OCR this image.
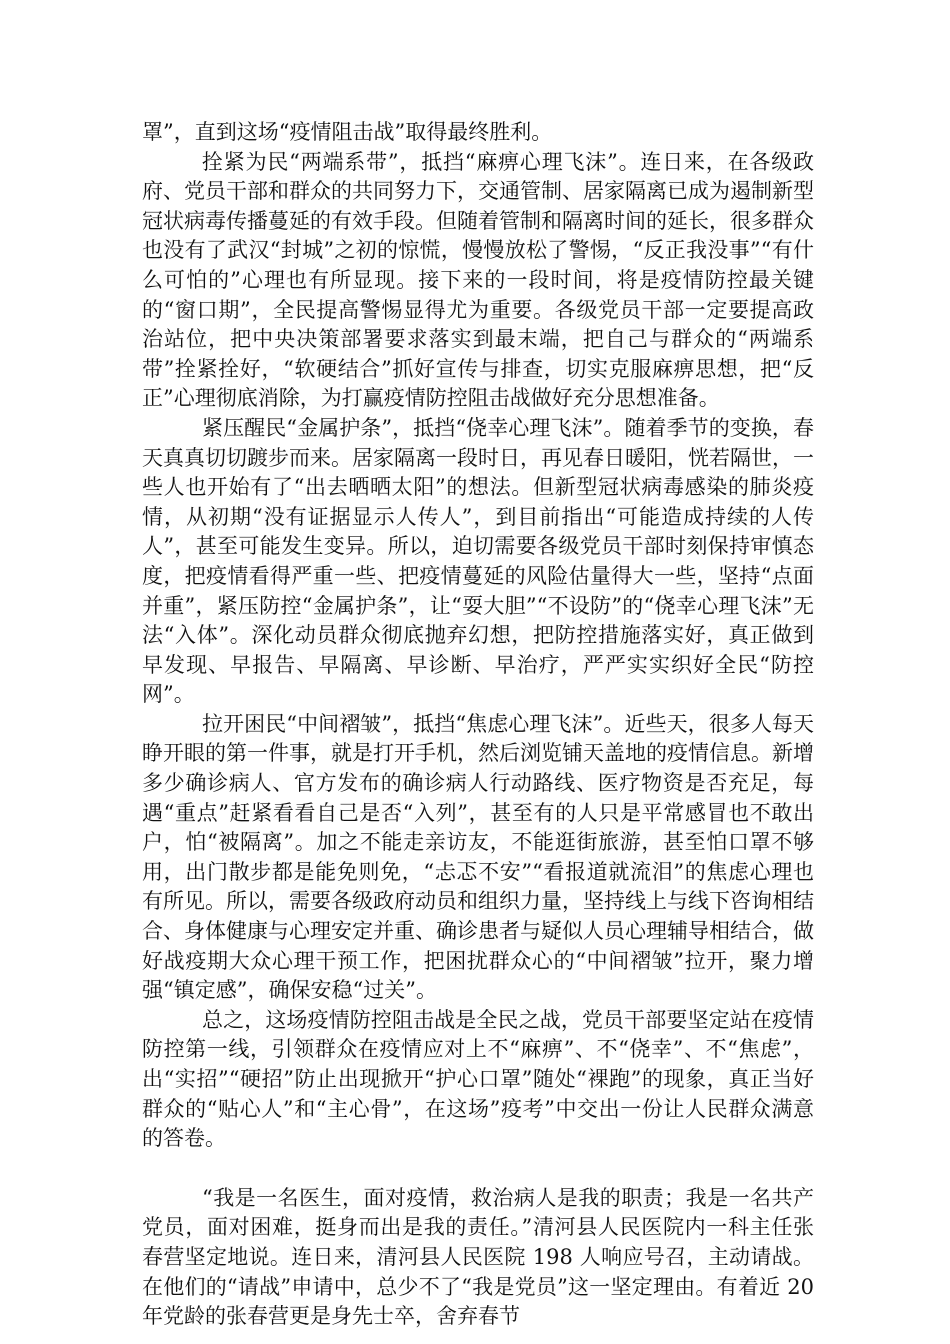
罩”，直到这场“疫情阻击战”取得最终胜利。

拴紧为民“两端系带”，抵挡“麻痹心理飞沫”。连日来，在各级政府、党员干部和群众的共同努力下，交通管制、居家隔离已成为遏制新型冠状病毒传播蔓延的有效手段。但随着管制和隔离时间的延长，很多群众也没有了武汉“封城”之初的惊慌，慢慢放松了警惕，“反正我没事”“有什么可怕的”心理也有所显现。接下来的一段时间，将是疫情防控最关键的“窗口期”，全民提高警惕显得尤为重要。各级党员干部一定要提高政治站位，把中央决策部署要求落实到最末端，把自己与群众的“两端系带”拴紧拴好，“软硬结合”抓好宣传与排查，切实克服麻痹思想，把“反正”心理彻底消除，为打赢疫情防控阻击战做好充分思想准备。

紧压醒民“金属护条”，抵挡“侥幸心理飞沫”。随着季节的变换，春天真真切切踱步而来。居家隔离一段时日，再见春日暖阳，恍若隔世，一些人也开始有了“出去晒晒太阳”的想法。但新型冠状病毒感染的肺炎疫情，从初期“没有证据显示人传人”，到目前指出“可能造成持续的人传人”，甚至可能发生变异。所以，迫切需要各级党员干部时刻保持审慎态度，把疫情看得严重一些、把疫情蔓延的风险估量得大一些，坚持“点面并重”，紧压防控“金属护条”，让“耍大胆”“不设防”的“侥幸心理飞沫”无法“入体”。深化动员群众彻底抛弃幻想，把防控措施落实好，真正做到早发现、早报告、早隔离、早诊断、早治疗，严严实实织好全民“防控网”。

拉开困民“中间褶皱”，抵挡“焦虑心理飞沫”。近些天，很多人每天睁开眼的第一件事，就是打开手机，然后浏览铺天盖地的疫情信息。新增多少确诊病人、官方发布的确诊病人行动路线、医疗物资是否充足，每遇“重点”赶紧看看自己是否“入列”，甚至有的人只是平常感冒也不敢出户，怕“被隔离”。加之不能走亲访友，不能逛街旅游，甚至怕口罩不够用，出门散步都是能免则免，“忐忑不安”“看报道就流泪”的焦虑心理也有所见。所以，需要各级政府动员和组织力量，坚持线上与线下咨询相结合、身体健康与心理安定并重、确诊患者与疑似人员心理辅导相结合，做好战疫期大众心理干预工作，把困扰群众心的“中间褶皱”拉开，聚力增强“镇定感”，确保安稳“过关”。

总之，这场疫情防控阻击战是全民之战，党员干部要坚定站在疫情防控第一线，引领群众在疫情应对上不“麻痹”、不“侥幸”、不“焦虑”，出“实招”“硬招”防止出现掀开“护心口罩”随处“裸跑”的现象，真正当好群众的“贴心人”和“主心骨”，在这场”疫考”中交出一份让人民群众满意的答卷。

“我是一名医生，面对疫情，救治病人是我的职责；我是一名共产党员，面对困难，挺身而出是我的责任。”清河县人民医院内一科主任张春营坚定地说。连日来，清河县人民医院 198 人响应号召，主动请战。在他们的“请战”申请中，总少不了“我是党员”这一坚定理由。有着近 20 年党龄的张春营更是身先士卒，舍弃春节
